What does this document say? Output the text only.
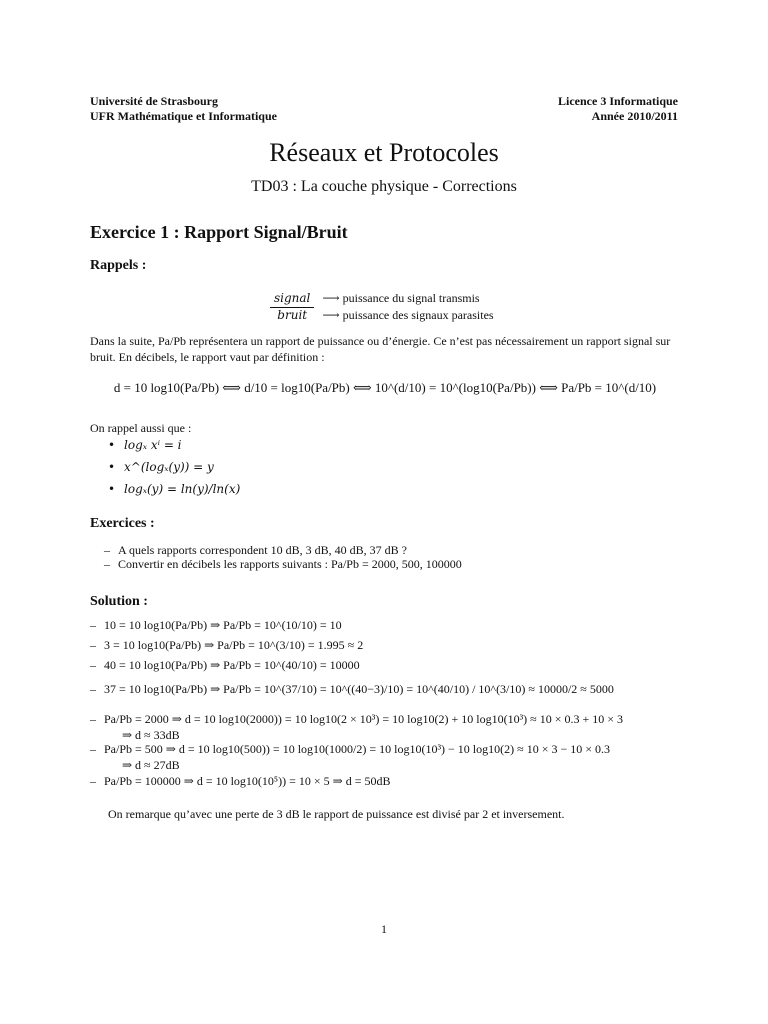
Université de Strasbourg
UFR Mathématique et Informatique
Licence 3 Informatique
Année 2010/2011
Réseaux et Protocoles
TD03 : La couche physique - Corrections
Exercice 1 : Rapport Signal/Bruit
Rappels :
signal
bruit
⟶ puissance du signal transmis
⟶ puissance des signaux parasites
Dans la suite, Pa/Pb représentera un rapport de puissance ou d’énergie. Ce n’est pas nécessairement un rapport signal sur bruit. En décibels, le rapport vaut par définition :
d = 10 log10(Pa/Pb) ⟺ d/10 = log10(Pa/Pb) ⟺ 10^(d/10) = 10^(log10(Pa/Pb)) ⟺ Pa/Pb = 10^(d/10)
On rappel aussi que :
• logₓ xⁱ = i
• x^(logₓ(y)) = y
• logₓ(y) = ln(y)/ln(x)
Exercices :
– A quels rapports correspondent 10 dB, 3 dB, 40 dB, 37 dB ?
– Convertir en décibels les rapports suivants : Pa/Pb = 2000, 500, 100000
Solution :
– 10 = 10 log10(Pa/Pb) ⇒ Pa/Pb = 10^(10/10) = 10
– 3 = 10 log10(Pa/Pb) ⇒ Pa/Pb = 10^(3/10) = 1.995 ≈ 2
– 40 = 10 log10(Pa/Pb) ⇒ Pa/Pb = 10^(40/10) = 10000
– 37 = 10 log10(Pa/Pb) ⇒ Pa/Pb = 10^(37/10) = 10^((40−3)/10) = 10^(40/10) / 10^(3/10) ≈ 10000/2 ≈ 5000
– Pa/Pb = 2000 ⇒ d = 10 log10(2000)) = 10 log10(2 × 10³) = 10 log10(2) + 10 log10(10³) ≈ 10 × 0.3 + 10 × 3
⇒ d ≈ 33dB
– Pa/Pb = 500 ⇒ d = 10 log10(500)) = 10 log10(1000/2) = 10 log10(10³) − 10 log10(2) ≈ 10 × 3 − 10 × 0.3
⇒ d ≈ 27dB
– Pa/Pb = 100000 ⇒ d = 10 log10(10⁵)) = 10 × 5 ⇒ d = 50dB
On remarque qu’avec une perte de 3 dB le rapport de puissance est divisé par 2 et inversement.
1
